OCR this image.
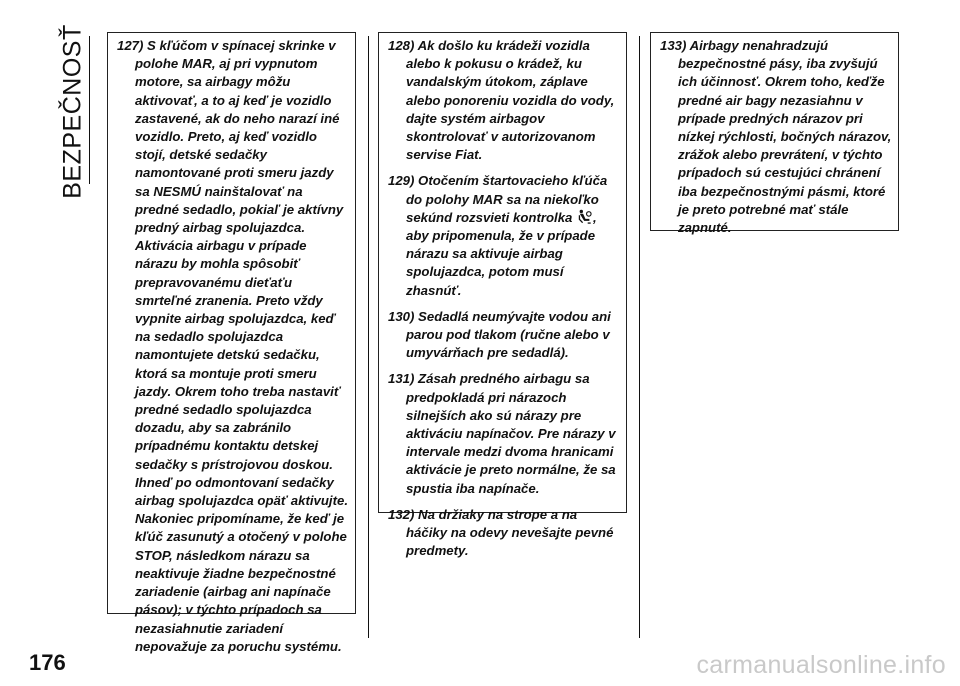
BEZPEČNOSŤ 127) S kľúčom v spínacej skrinke v polohe MAR, aj pri vypnutom motore, sa airbagy môžu aktivovať, a to aj keď je vozidlo zastavené, ak do neho narazí iné vozidlo. Preto, aj keď vozidlo stojí, detské sedačky namontované proti smeru jazdy sa NESMÚ nainštalovať na predné sedadlo, pokiaľ je aktívny predný airbag spolujazdca. Aktivácia airbagu v prípade nárazu by mohla spôsobiť prepravovanému dieťaťu smrteľné zranenia. Preto vždy vypnite airbag spolujazdca, keď na sedadlo spolujazdca namontujete detskú sedačku, ktorá sa montuje proti smeru jazdy. Okrem toho treba nastaviť predné sedadlo spolujazdca dozadu, aby sa zabránilo prípadnému kontaktu detskej sedačky s prístrojovou doskou. Ihneď po odmontovaní sedačky airbag spolujazdca opäť aktivujte. Nakoniec pripomíname, že keď je kľúč zasunutý a otočený v polohe STOP, následkom nárazu sa neaktivuje žiadne bezpečnostné zariadenie (airbag ani napínače pásov); v týchto prípadoch sa nezasiahnutie zariadení nepovažuje za poruchu systému.

128) Ak došlo ku krádeži vozidla alebo k pokusu o krádež, ku vandalským útokom, záplave alebo ponoreniu vozidla do vody, dajte systém airbagov skontrolovať v autorizovanom servise Fiat.

129) Otočením štartovacieho kľúča do polohy MAR sa na niekoľko sekúnd rozsvieti kontrolka , aby pripomenula, že v prípade nárazu sa aktivuje airbag spolujazdca, potom musí zhasnúť.

130) Sedadlá neumývajte vodou ani parou pod tlakom (ručne alebo v umyvárňach pre sedadlá).

131) Zásah predného airbagu sa predpokladá pri nárazoch silnejších ako sú nárazy pre aktiváciu napínačov. Pre nárazy v intervale medzi dvoma hranicami aktivácie je preto normálne, že sa spustia iba napínače.

132) Na držiaky na strope a na háčiky na odevy nevešajte pevné predmety.

133) Airbagy nenahradzujú bezpečnostné pásy, iba zvyšujú ich účinnosť. Okrem toho, keďže predné air bagy nezasiahnu v prípade predných nárazov pri nízkej rýchlosti, bočných nárazov, zrážok alebo prevrátení, v týchto prípadoch sú cestujúci chránení iba bezpečnostnými pásmi, ktoré je preto potrebné mať stále zapnuté.

176	carmanualsonline.info
